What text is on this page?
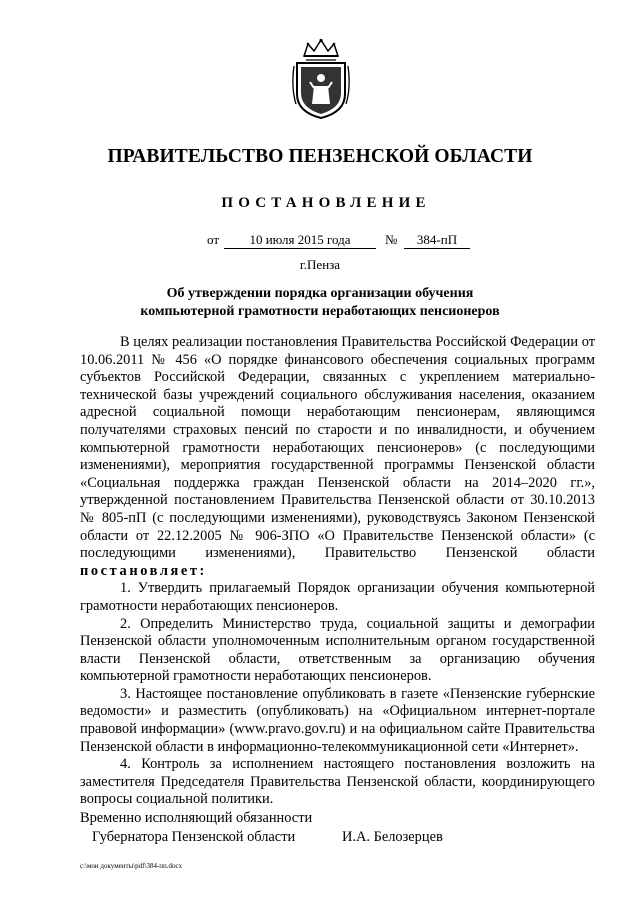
ПРАВИТЕЛЬСТВО ПЕНЗЕНСКОЙ ОБЛАСТИ
ПОСТАНОВЛЕНИЕ
от	10 июля 2015 года	№	384-пП
г.Пенза
Об утверждении порядка организации обучения
компьютерной грамотности неработающих пенсионеров

В целях реализации постановления Правительства Российской Федерации от 10.06.2011 № 456 «О порядке финансового обеспечения социальных программ субъектов Российской Федерации, связанных с укреплением материально-технической базы учреждений социального обслуживания населения, оказанием адресной социальной помощи неработающим пенсионерам, являющимся получателями страховых пенсий по старости и по инвалидности, и обучением компьютерной грамотности неработающих пенсионеров» (с последующими изменениями), мероприятия государственной программы Пензенской области «Социальная поддержка граждан Пензенской области на 2014–2020 гг.», утвержденной постановлением Правительства Пензенской области от 30.10.2013 № 805-пП (с последующими изменениями), руководствуясь Законом Пензенской области от 22.12.2005 № 906-ЗПО «О Правительстве Пензенской области» (с последующими изменениями), Правительство Пензенской области постановляет:

1. Утвердить прилагаемый Порядок организации обучения компьютерной грамотности неработающих пенсионеров.

2. Определить Министерство труда, социальной защиты и демографии Пензенской области уполномоченным исполнительным органом государственной власти Пензенской области, ответственным за организацию обучения компьютерной грамотности неработающих пенсионеров.

3. Настоящее постановление опубликовать в газете «Пензенские губернские ведомости» и разместить (опубликовать) на «Официальном интернет-портале правовой информации» (www.pravo.gov.ru) и на официальном сайте Правительства Пензенской области в информационно-телекоммуникационной сети «Интернет».

4. Контроль за исполнением настоящего постановления возложить на заместителя Председателя Правительства Пензенской области, координирующего вопросы социальной политики.

Временно исполняющий обязанности
Губернатора Пензенской области	И.А. Белозерцев
c:\мои документы\pdf\384-пп.docx
